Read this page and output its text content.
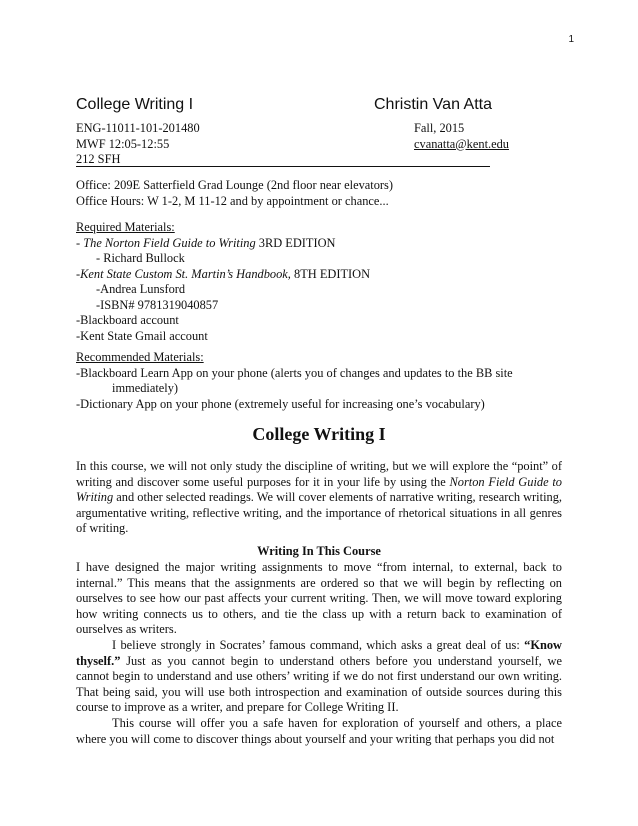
1
College Writing I	Christin Van Atta
ENG-11011-101-201480	Fall, 2015
MWF 12:05-12:55	cvanatta@kent.edu
212 SFH
Office: 209E Satterfield Grad Lounge (2nd floor near elevators)
Office Hours: W 1-2, M 11-12 and by appointment or chance...
Required Materials:
- The Norton Field Guide to Writing 3RD EDITION
- Richard Bullock
-Kent State Custom St. Martin’s Handbook, 8TH EDITION
-Andrea Lunsford
-ISBN# 9781319040857
-Blackboard account
-Kent State Gmail account
Recommended Materials:
-Blackboard Learn App on your phone (alerts you of changes and updates to the BB site
immediately)
-Dictionary App on your phone (extremely useful for increasing one’s vocabulary)
College Writing I
In this course, we will not only study the discipline of writing, but we will explore the “point” of writing and discover some useful purposes for it in your life by using the Norton Field Guide to Writing and other selected readings. We will cover elements of narrative writing, research writing, argumentative writing, reflective writing, and the importance of rhetorical situations in all genres of writing.
Writing In This Course
I have designed the major writing assignments to move “from internal, to external, back to internal.” This means that the assignments are ordered so that we will begin by reflecting on ourselves to see how our past affects your current writing. Then, we will move toward exploring how writing connects us to others, and tie the class up with a return back to examination of ourselves as writers.
I believe strongly in Socrates’ famous command, which asks a great deal of us: “Know thyself.” Just as you cannot begin to understand others before you understand yourself, we cannot begin to understand and use others’ writing if we do not first understand our own writing. That being said, you will use both introspection and examination of outside sources during this course to improve as a writer, and prepare for College Writing II.
This course will offer you a safe haven for exploration of yourself and others, a place where you will come to discover things about yourself and your writing that perhaps you did not
